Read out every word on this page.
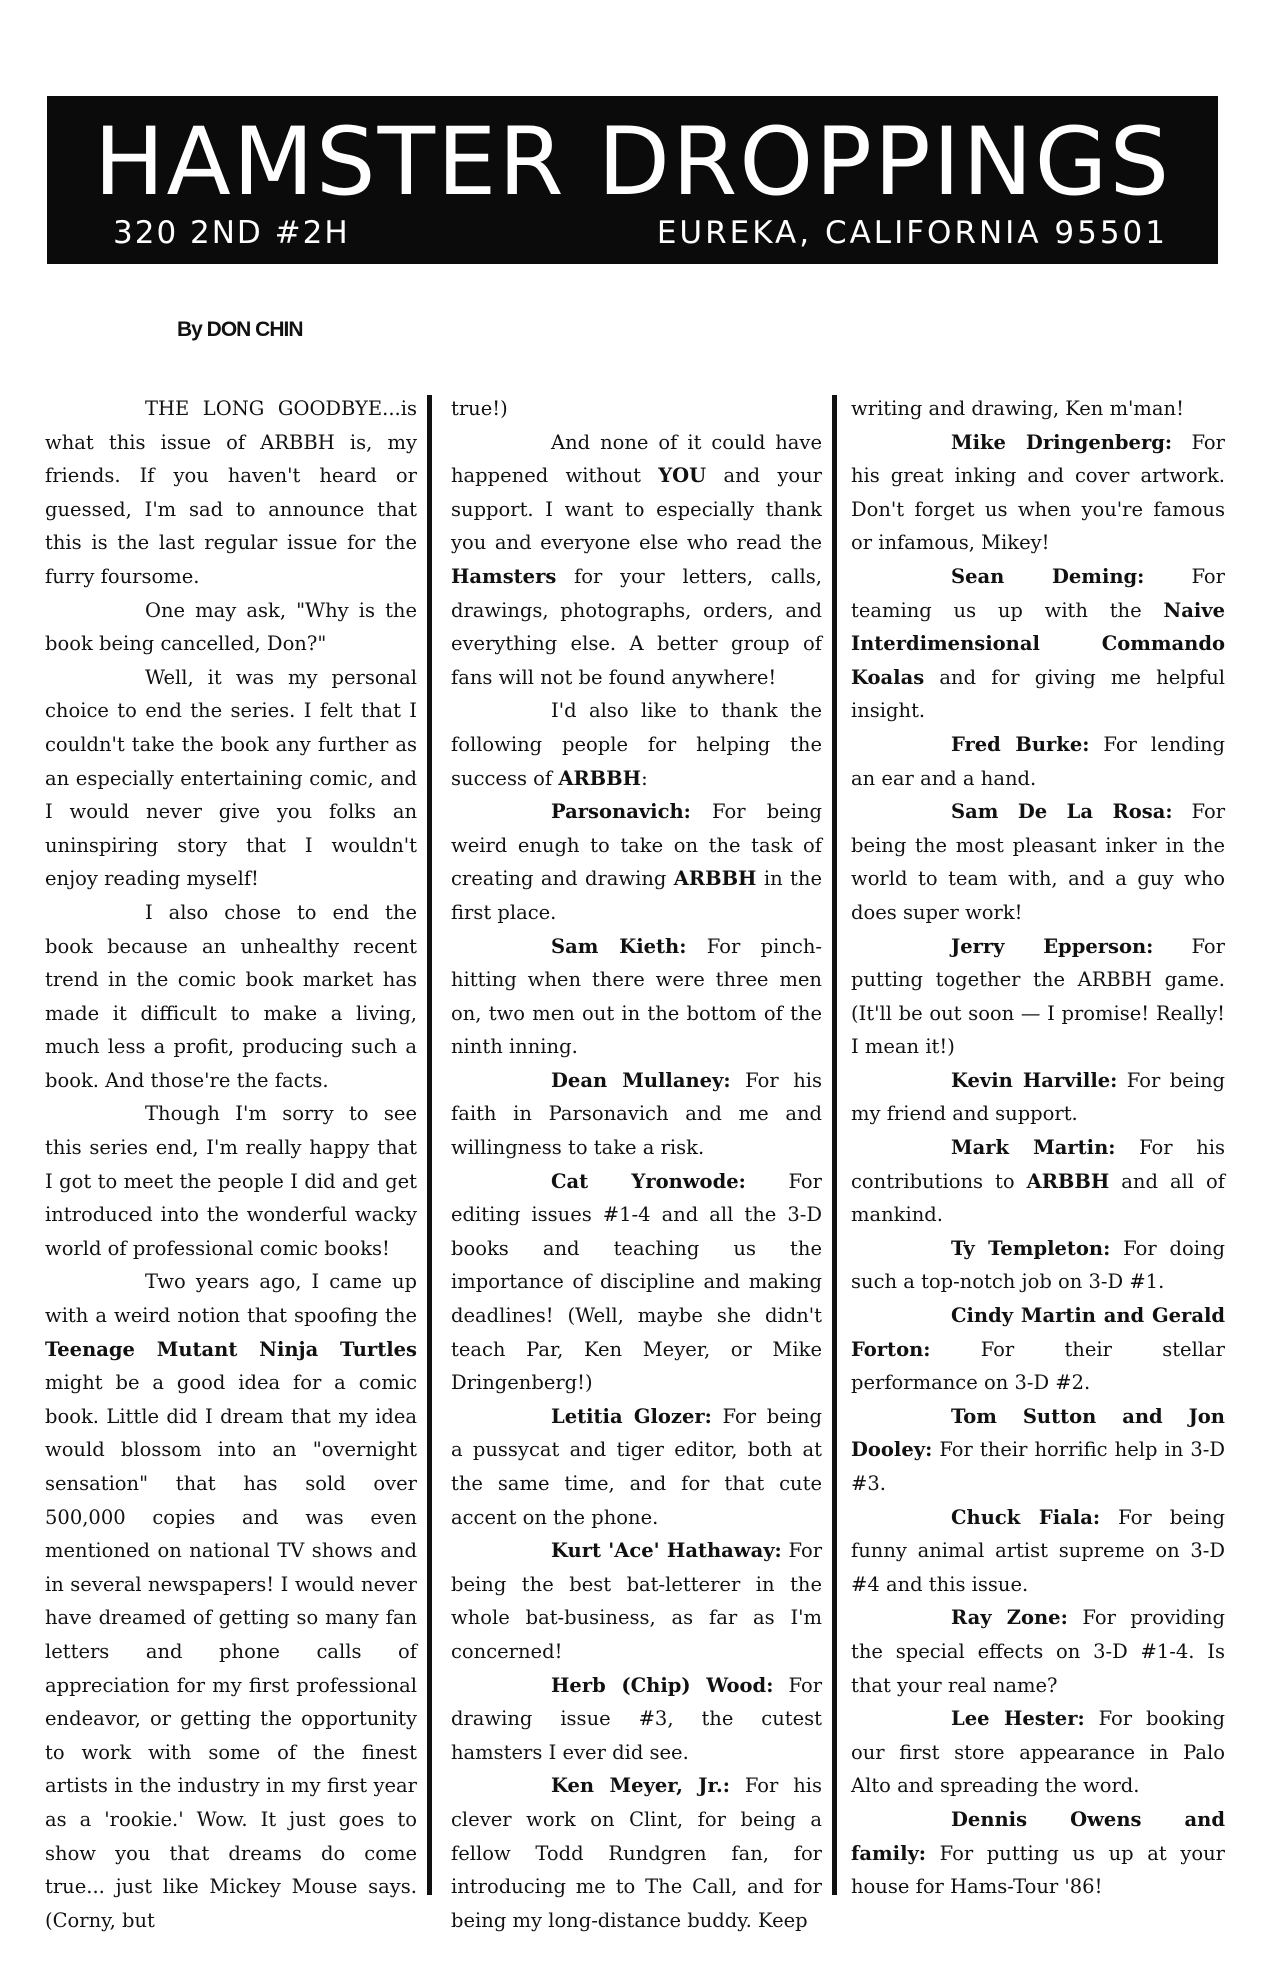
HAMSTER DROPPINGS
320 2ND #2H	EUREKA, CALIFORNIA 95501
By DON CHIN

THE LONG GOODBYE...is what this issue of ARBBH is, my friends. If you haven't heard or guessed, I'm sad to announce that this is the last regular issue for the furry foursome.

One may ask, "Why is the book being cancelled, Don?"

Well, it was my personal choice to end the series. I felt that I couldn't take the book any further as an especially entertaining comic, and I would never give you folks an uninspiring story that I wouldn't enjoy reading myself!

I also chose to end the book because an unhealthy recent trend in the comic book market has made it difficult to make a living, much less a profit, producing such a book. And those're the facts.

Though I'm sorry to see this series end, I'm really happy that I got to meet the people I did and get introduced into the wonderful wacky world of professional comic books!

Two years ago, I came up with a weird notion that spoofing the Teenage Mutant Ninja Turtles might be a good idea for a comic book. Little did I dream that my idea would blossom into an "overnight sensation" that has sold over 500,000 copies and was even mentioned on national TV shows and in several newspapers! I would never have dreamed of getting so many fan letters and phone calls of appreciation for my first professional endeavor, or getting the opportunity to work with some of the finest artists in the industry in my first year as a 'rookie.' Wow. It just goes to show you that dreams do come true... just like Mickey Mouse says. (Corny, but

true!)

And none of it could have happened without YOU and your support. I want to especially thank you and everyone else who read the Hamsters for your letters, calls, drawings, photographs, orders, and everything else. A better group of fans will not be found anywhere!

I'd also like to thank the following people for helping the success of ARBBH:

Parsonavich: For being weird enugh to take on the task of creating and drawing ARBBH in the first place.

Sam Kieth: For pinch-hitting when there were three men on, two men out in the bottom of the ninth inning.

Dean Mullaney: For his faith in Parsonavich and me and willingness to take a risk.

Cat Yronwode: For editing issues #1-4 and all the 3-D books and teaching us the importance of discipline and making deadlines! (Well, maybe she didn't teach Par, Ken Meyer, or Mike Dringenberg!)

Letitia Glozer: For being a pussycat and tiger editor, both at the same time, and for that cute accent on the phone.

Kurt 'Ace' Hathaway: For being the best bat-letterer in the whole bat-business, as far as I'm concerned!

Herb (Chip) Wood: For drawing issue #3, the cutest hamsters I ever did see.

Ken Meyer, Jr.: For his clever work on Clint, for being a fellow Todd Rundgren fan, for introducing me to The Call, and for being my long-distance buddy. Keep

writing and drawing, Ken m'man!

Mike Dringenberg: For his great inking and cover artwork. Don't forget us when you're famous or infamous, Mikey!

Sean Deming: For teaming us up with the Naive Interdimensional Commando Koalas and for giving me helpful insight.

Fred Burke: For lending an ear and a hand.

Sam De La Rosa: For being the most pleasant inker in the world to team with, and a guy who does super work!

Jerry Epperson: For putting together the ARBBH game. (It'll be out soon — I promise! Really! I mean it!)

Kevin Harville: For being my friend and support.

Mark Martin: For his contributions to ARBBH and all of mankind.

Ty Templeton: For doing such a top-notch job on 3-D #1.

Cindy Martin and Gerald Forton:	For their stellar performance on 3-D #2.

Tom Sutton and Jon Dooley: For their horrific help in 3-D #3.

Chuck Fiala: For being funny animal artist supreme on 3-D #4 and this issue.

Ray Zone: For providing the special effects on 3-D #1-4. Is that your real name?

Lee Hester: For booking our first store appearance in Palo Alto and spreading the word.

Dennis Owens and family: For putting us up at your house for Hams-Tour '86!
